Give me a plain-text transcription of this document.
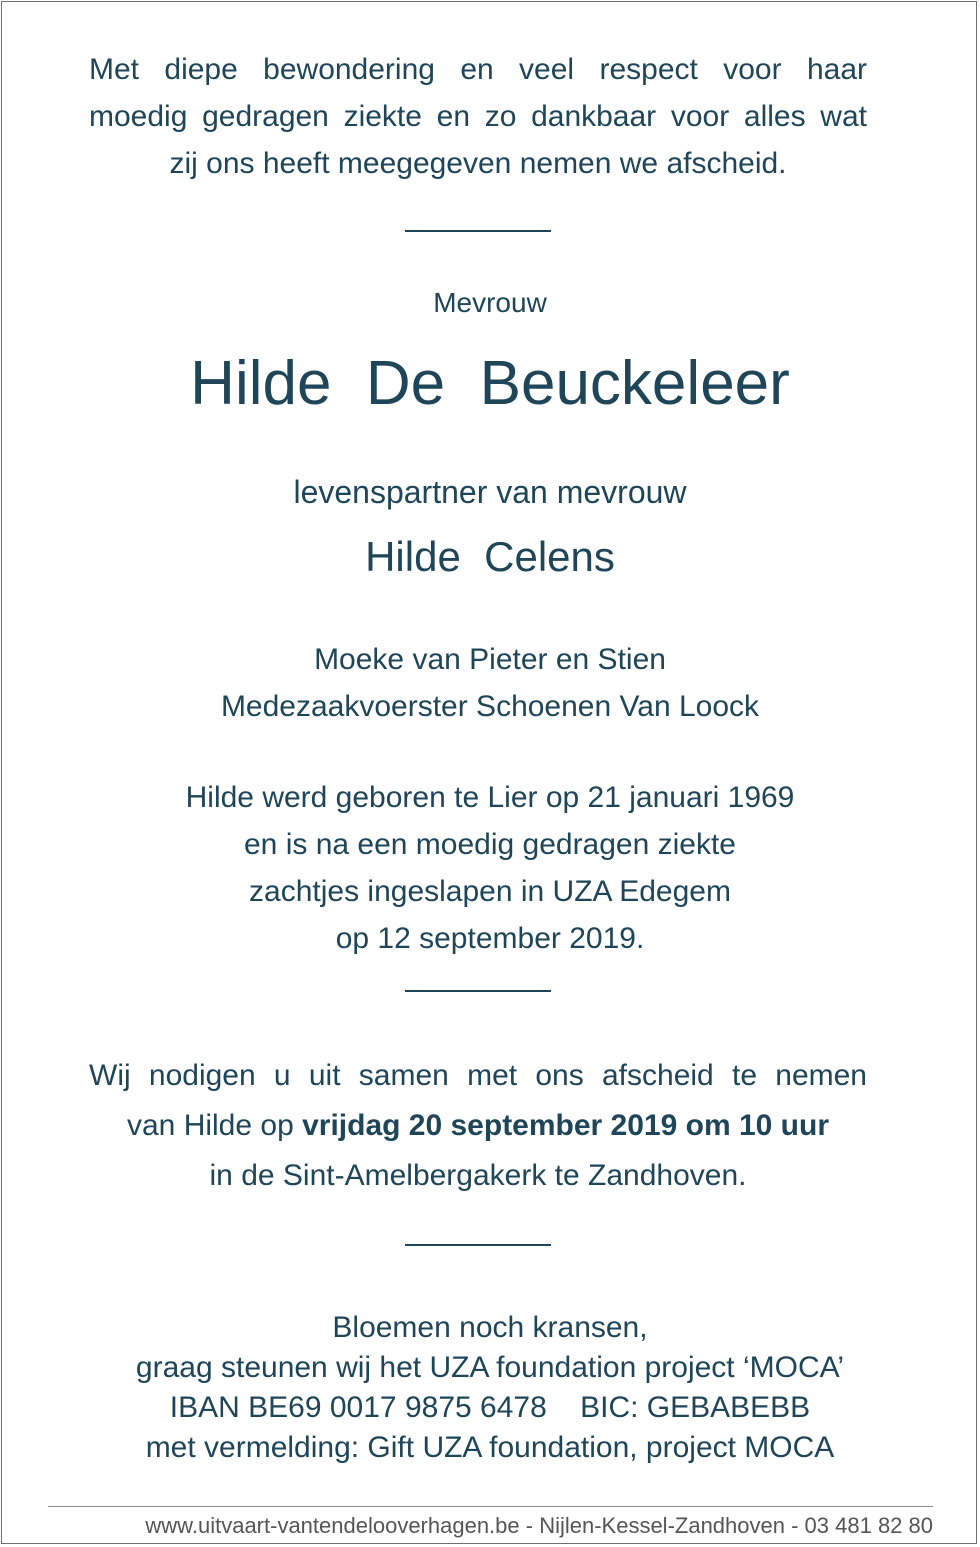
Met diepe bewondering en veel respect voor haar
moedig gedragen ziekte en zo dankbaar voor alles wat
zij ons heeft meegegeven nemen we afscheid.
Mevrouw
Hilde  De  Beuckeleer
levenspartner van mevrouw
Hilde  Celens
Moeke van Pieter en Stien
Medezaakvoerster Schoenen Van Loock
Hilde werd geboren te Lier op 21 januari 1969
en is na een moedig gedragen ziekte
zachtjes ingeslapen in UZA Edegem
op 12 september 2019.
Wij nodigen u uit samen met ons afscheid te nemen
van Hilde op vrijdag 20 september 2019 om 10 uur
in de Sint-Amelbergakerk te Zandhoven.
Bloemen noch kransen,
graag steunen wij het UZA foundation project ‘MOCA’
IBAN BE69 0017 9875 6478 BIC: GEBABEBB
met vermelding: Gift UZA foundation, project MOCA
www.uitvaart-vantendelooverhagen.be - Nijlen-Kessel-Zandhoven - 03 481 82 80
